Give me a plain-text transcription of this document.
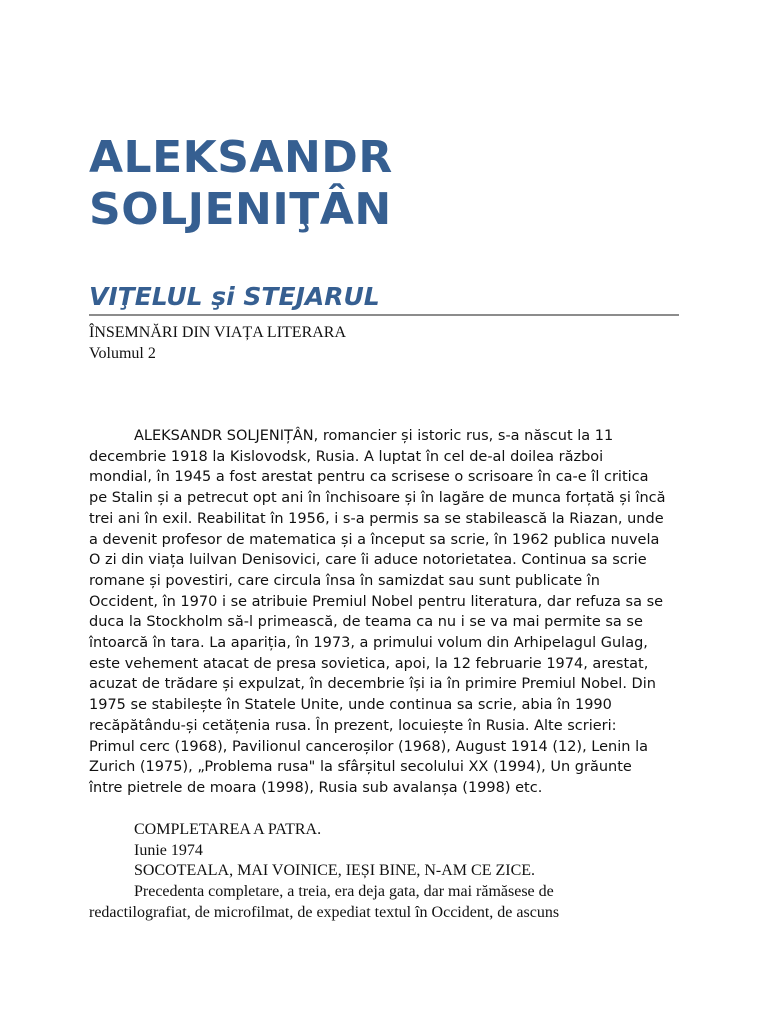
ALEKSANDR
SOLJENIŢÂN
VIŢELUL şi STEJARUL
ÎNSEMNĂRI DIN VIAȚA LITERARA
Volumul 2
ALEKSANDR SOLJENIȚÂN, romancier și istoric rus, s-a născut la 11
decembrie 1918 la Kislovodsk, Rusia. A luptat în cel de-al doilea război
mondial, în 1945 a fost arestat pentru ca scrisese o scrisoare în ca-e îl critica
pe Stalin și a petrecut opt ani în închisoare și în lagăre de munca forțată și încă
trei ani în exil. Reabilitat în 1956, i s-a permis sa se stabilească la Riazan, unde
a devenit profesor de matematica și a început sa scrie, în 1962 publica nuvela
O zi din viața luilvan Denisovici, care îi aduce notorietatea. Continua sa scrie
romane și povestiri, care circula însa în samizdat sau sunt publicate în
Occident, în 1970 i se atribuie Premiul Nobel pentru literatura, dar refuza sa se
duca la Stockholm să-l primească, de teama ca nu i se va mai permite sa se
întoarcă în tara. La apariția, în 1973, a primului volum din Arhipelagul Gulag,
este vehement atacat de presa sovietica, apoi, la 12 februarie 1974, arestat,
acuzat de trădare și expulzat, în decembrie își ia în primire Premiul Nobel. Din
1975 se stabilește în Statele Unite, unde continua sa scrie, abia în 1990
recăpătându-și cetățenia rusa. În prezent, locuiește în Rusia. Alte scrieri:
Primul cerc (1968), Pavilionul canceroșilor (1968), August 1914 (12), Lenin la
Zurich (1975), „Problema rusa" la sfârșitul secolului XX (1994), Un grăunte
între pietrele de moara (1998), Rusia sub avalanșa (1998) etc.
COMPLETAREA A PATRA.
Iunie 1974
SOCOTEALA, MAI VOINICE, IEȘI BINE, N-AM CE ZICE.
Precedenta completare, a treia, era deja gata, dar mai rămăsese de
redactilografiat, de microfilmat, de expediat textul în Occident, de ascuns
